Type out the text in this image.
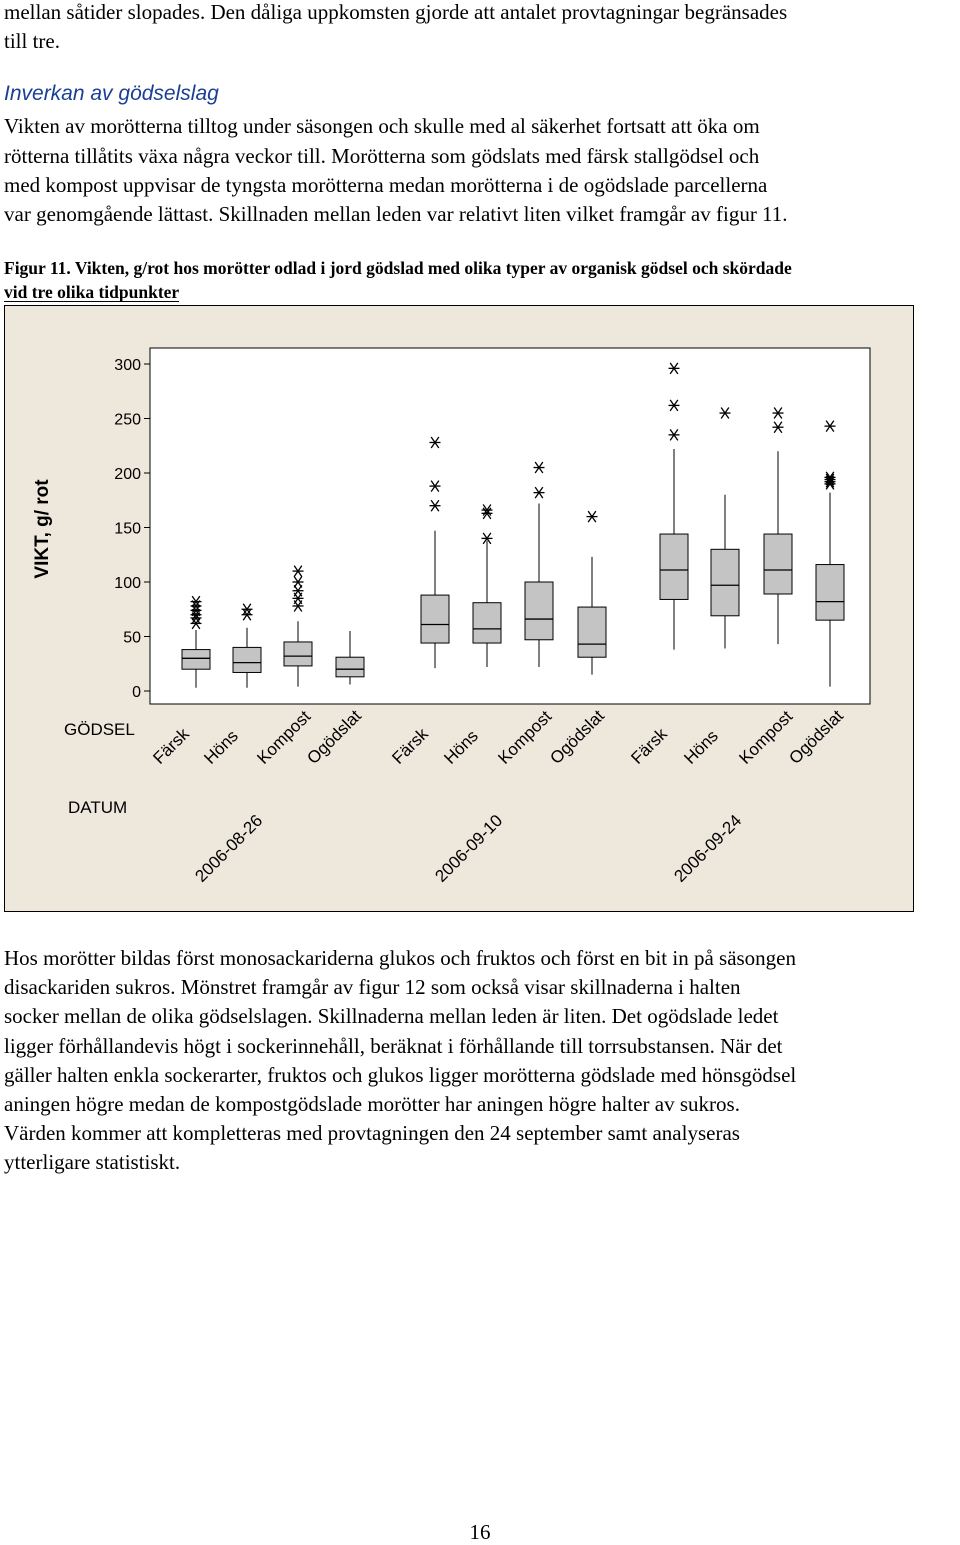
mellan såtider slopades. Den dåliga uppkomsten gjorde att antalet provtagningar begränsades
till tre.
Inverkan av gödselslag
Vikten av morötterna tilltog under säsongen och skulle med al säkerhet fortsatt att öka om
rötterna tillåtits växa några veckor till. Morötterna som gödslats med färsk stallgödsel och
med kompost uppvisar de tyngsta morötterna medan morötterna i de ogödslade parcellerna
var genomgående lättast. Skillnaden mellan leden var relativt liten vilket framgår av figur 11.
Figur 11. Vikten, g/rot hos morötter odlad i jord gödslad med olika typer av organisk gödsel och skördade
vid tre olika tidpunkter
0
50
100
150
200
250
300
VIKT, g/ rot
GÖDSEL Färsk Höns Kompost
Ogödslat Färsk Höns Kompost
Ogödslat Färsk Höns Kompost
Ogödslat
DATUM
2006-08-26	2006-09-10	2006-09-24
Hos morötter bildas först monosackariderna glukos och fruktos och först en bit in på säsongen
disackariden sukros. Mönstret framgår av figur 12 som också visar skillnaderna i halten
socker mellan de olika gödselslagen. Skillnaderna mellan leden är liten. Det ogödslade ledet
ligger förhållandevis högt i sockerinnehåll, beräknat i förhållande till torrsubstansen. När det
gäller halten enkla sockerarter, fruktos och glukos ligger morötterna gödslade med hönsgödsel
aningen högre medan de kompostgödslade morötter har aningen högre halter av sukros.
Värden kommer att kompletteras med provtagningen den 24 september samt analyseras
ytterligare statistiskt.
16
